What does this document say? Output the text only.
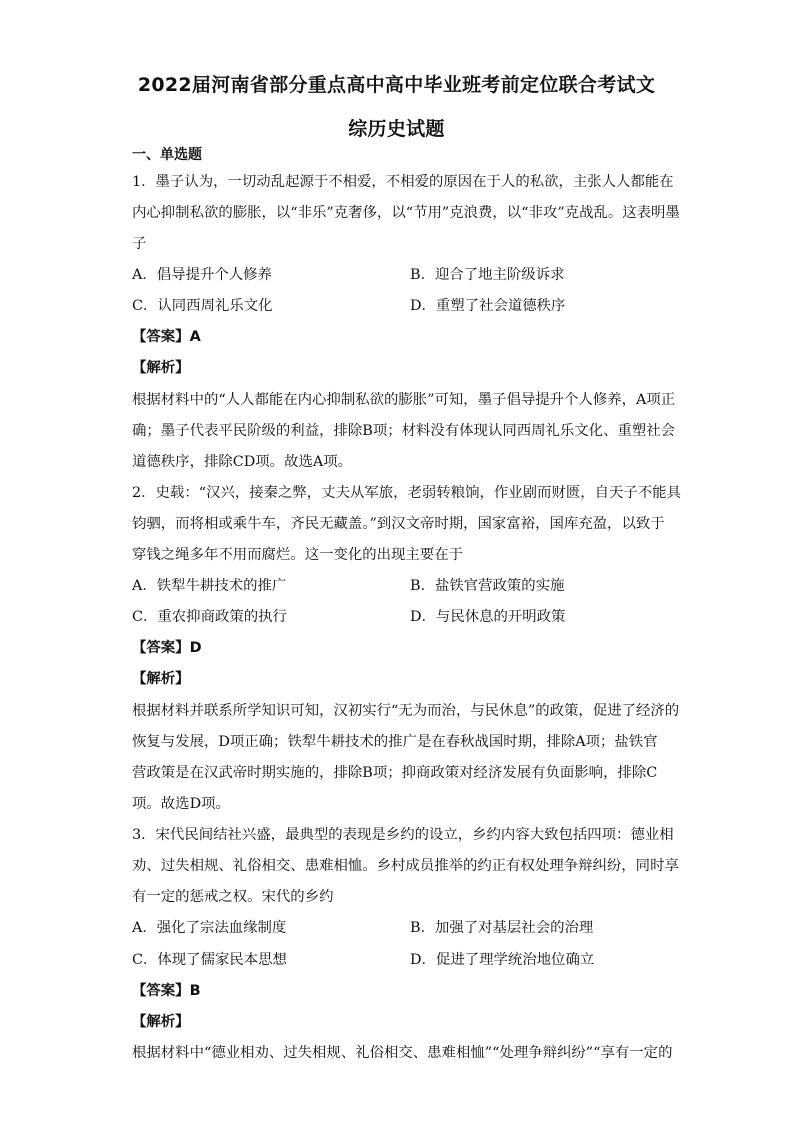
2022届河南省部分重点高中高中毕业班考前定位联合考试文
综历史试题
一、单选题
1．墨子认为，一切动乱起源于不相爱，不相爱的原因在于人的私欲，主张人人都能在
内心抑制私欲的膨胀，以“非乐”克奢侈，以“节用”克浪费，以“非攻”克战乱。这表明墨
子
A．倡导提升个人修养	B．迎合了地主阶级诉求
C．认同西周礼乐文化	D．重塑了社会道德秩序
【答案】A
【解析】
根据材料中的“人人都能在内心抑制私欲的膨胀”可知，墨子倡导提升个人修养，A项正
确；墨子代表平民阶级的利益，排除B项；材料没有体现认同西周礼乐文化、重塑社会
道德秩序，排除CD项。故选A项。
2．史载：“汉兴，接秦之弊，丈夫从军旅，老弱转粮饷，作业剧而财匮，自天子不能具
钧驷，而将相或乘牛车，齐民无藏盖。”到汉文帝时期，国家富裕，国库充盈，以致于
穿钱之绳多年不用而腐烂。这一变化的出现主要在于
A．铁犁牛耕技术的推广	B．盐铁官营政策的实施
C．重农抑商政策的执行	D．与民休息的开明政策
【答案】D
【解析】
根据材料并联系所学知识可知，汉初实行“无为而治，与民休息”的政策，促进了经济的
恢复与发展，D项正确；铁犁牛耕技术的推广是在春秋战国时期，排除A项；盐铁官
营政策是在汉武帝时期实施的，排除B项；抑商政策对经济发展有负面影响，排除C
项。故选D项。
3．宋代民间结社兴盛，最典型的表现是乡约的设立，乡约内容大致包括四项：德业相
劝、过失相规、礼俗相交、患难相恤。乡村成员推举的约正有权处理争辩纠纷，同时享
有一定的惩戒之权。宋代的乡约
A．强化了宗法血缘制度	B．加强了对基层社会的治理
C．体现了儒家民本思想	D．促进了理学统治地位确立
【答案】B
【解析】
根据材料中“德业相劝、过失相规、礼俗相交、患难相恤”“处理争辩纠纷”“享有一定的
